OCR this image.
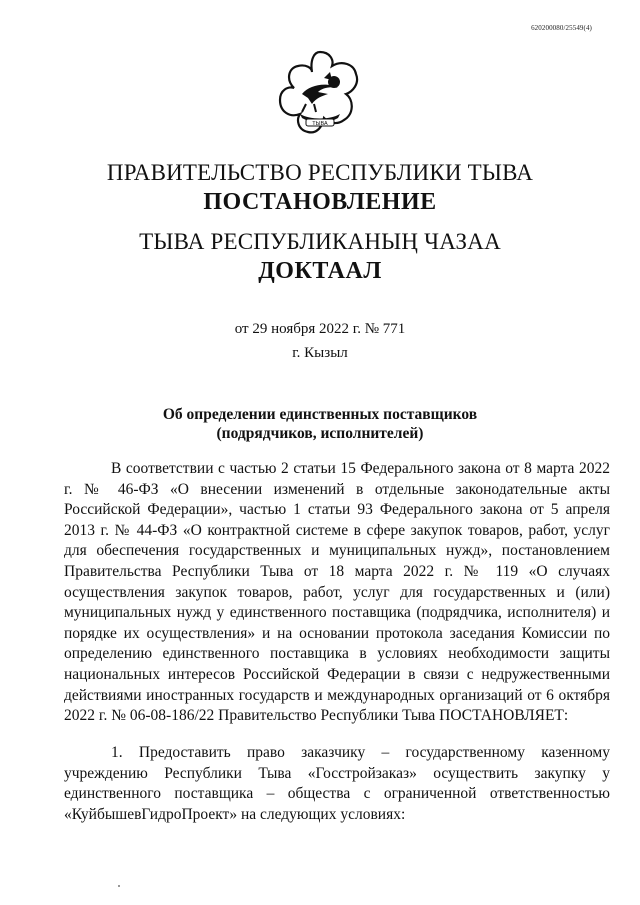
620200080/25549(4)
ТЫВА
ПРАВИТЕЛЬСТВО РЕСПУБЛИКИ ТЫВА
ПОСТАНОВЛЕНИЕ
ТЫВА РЕСПУБЛИКАНЫҢ ЧАЗАА
ДОКТААЛ
от 29 ноября 2022 г. № 771
г. Кызыл
Об определении единственных поставщиков
(подрядчиков, исполнителей)

В соответствии с частью 2 статьи 15 Федерального закона от 8 марта 2022 г. № 46-ФЗ «О внесении изменений в отдельные законодательные акты Российской Федерации», частью 1 статьи 93 Федерального закона от 5 апреля 2013 г. № 44-ФЗ «О контрактной системе в сфере закупок товаров, работ, услуг для обеспечения государственных и муниципальных нужд», постановлением Правительства Республики Тыва от 18 марта 2022 г. № 119 «О случаях осуществления закупок товаров, работ, услуг для государственных и (или) муниципальных нужд у единственного поставщика (подрядчика, исполнителя) и порядке их осуществления» и на основании протокола заседания Комиссии по определению единственного поставщика в условиях необходимости защиты национальных интересов Российской Федерации в связи с недружественными действиями иностранных государств и международных организаций от 6 октября 2022 г. № 06-08-186/22 Правительство Республики Тыва ПОСТАНОВЛЯЕТ:

1. Предоставить право заказчику – государственному казенному учреждению Республики Тыва «Госстройзаказ» осуществить закупку у единственного поставщика – общества с ограниченной ответственностью «КуйбышевГидроПроект» на следующих условиях:
